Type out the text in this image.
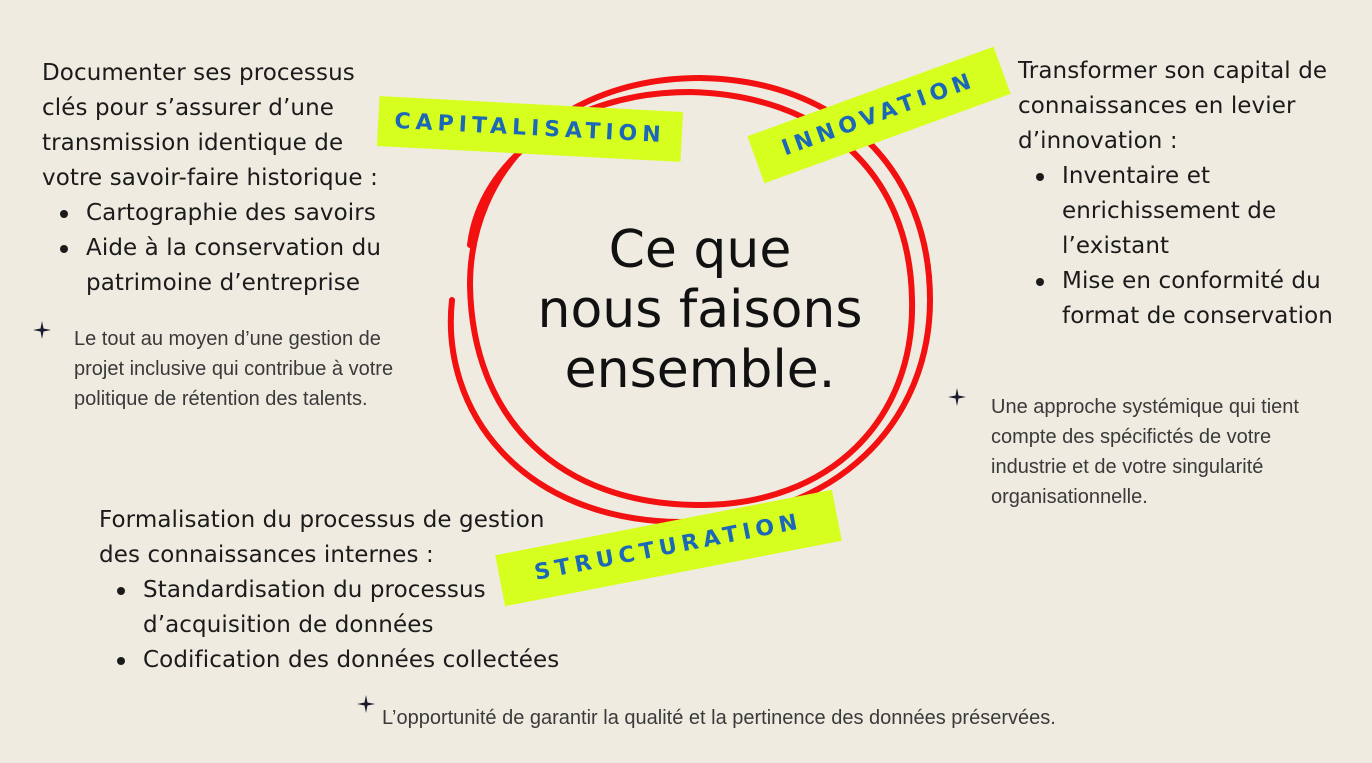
Ce que
nous faisons
ensemble.
CAPITALISATION	INNOVATION
STRUCTURATION
Documenter ses processus clés pour s’assurer d’une transmission identique de votre savoir-faire historique :
Cartographie des savoirs
Aide à la conservation du patrimoine d’entreprise
Le tout au moyen d’une gestion de projet inclusive qui contribue à votre politique de rétention des talents.
Transformer son capital de connaissances en levier d’innovation :
Inventaire et enrichissement de l’existant
Mise en conformité du format de conservation
Une approche systémique qui tient compte des spécifictés de votre industrie et de votre singularité organisationnelle.
Formalisation du processus de gestion des connaissances internes :
Standardisation du processus d’acquisition de données
Codification des données collectées
L’opportunité de garantir la qualité et la pertinence des données préservées.
